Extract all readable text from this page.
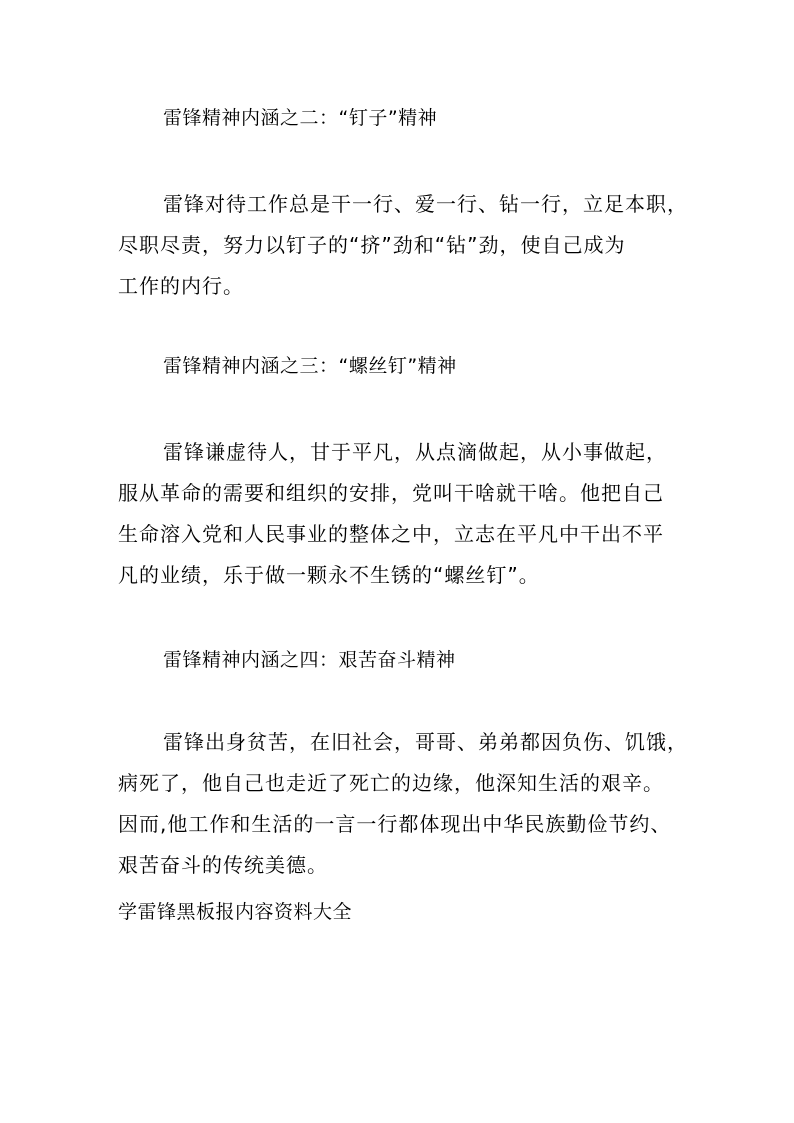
雷锋精神内涵之二：“钉子”精神
雷锋对待工作总是干一行、爱一行、钻一行，立足本职，
尽职尽责，努力以钉子的“挤”劲和“钻”劲，使自己成为
工作的内行。
雷锋精神内涵之三：“螺丝钉”精神
雷锋谦虚待人，甘于平凡，从点滴做起，从小事做起，
服从革命的需要和组织的安排，党叫干啥就干啥。他把自己
生命溶入党和人民事业的整体之中，立志在平凡中干出不平
凡的业绩，乐于做一颗永不生锈的“螺丝钉”。
雷锋精神内涵之四：艰苦奋斗精神
雷锋出身贫苦，在旧社会，哥哥、弟弟都因负伤、饥饿，
病死了，他自己也走近了死亡的边缘，他深知生活的艰辛。
因而,他工作和生活的一言一行都体现出中华民族勤俭节约、
艰苦奋斗的传统美德。
学雷锋黑板报内容资料大全
